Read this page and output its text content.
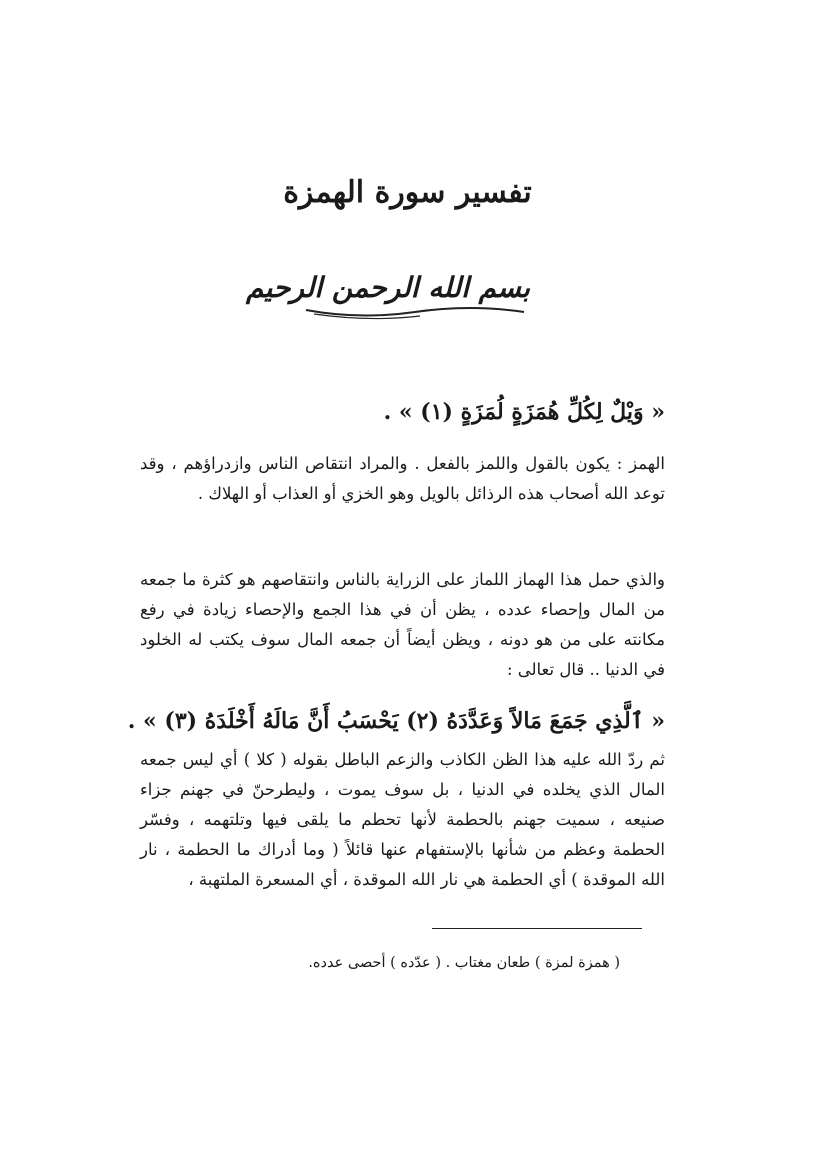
تفسير سورة الهمزة
بسم الله الرحمن الرحيم
« وَيْلٌ لِكُلِّ هُمَزَةٍ لُمَزَةٍ (١) » .
الهمز : يكون بالقول واللمز بالفعل . والمراد انتقاص الناس وازدراؤهم ، وقد توعد الله أصحاب هذه الرذائل بالويل وهو الخزي أو العذاب أو الهلاك .
والذي حمل هذا الهماز اللماز على الزراية بالناس وانتقاصهم هو كثرة ما جمعه من المال وإحصاء عدده ، يظن أن في هذا الجمع والإحصاء زيادة في رفع مكانته على من هو دونه ، ويظن أيضاً أن جمعه المال سوف يكتب له الخلود في الدنيا .. قال تعالى :
« ٱلَّذِي جَمَعَ مَالاً وَعَدَّدَهُ (٢) يَحْسَبُ أَنَّ مَالَهُ أَخْلَدَهُ (٣) » .
ثم ردّ الله عليه هذا الظن الكاذب والزعم الباطل بقوله ( كلا ) أي ليس جمعه المال الذي يخلده في الدنيا ، بل سوف يموت ، وليطرحنّ في جهنم جزاء صنيعه ، سميت جهنم بالحطمة لأنها تحطم ما يلقى فيها وتلتهمه ، وفسّر الحطمة وعظم من شأنها بالإستفهام عنها قائلاً ( وما أدراك ما الحطمة ، نار الله الموقدة ) أي الحطمة هي نار الله الموقدة ، أي المسعرة الملتهبة ،
( همزة لمزة ) طعان مغتاب . ( عدّده ) أحصى عدده.
